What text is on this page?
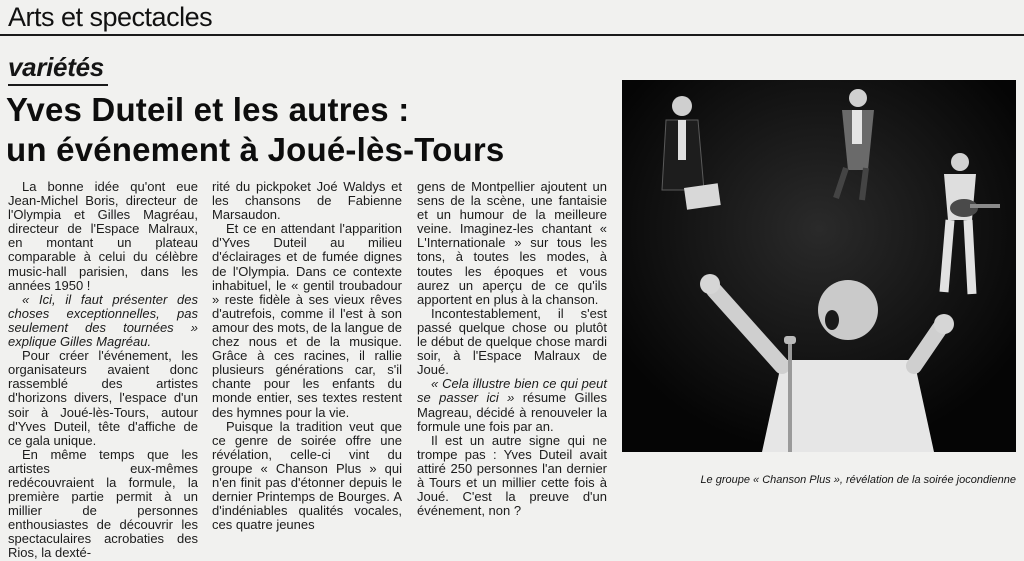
Arts et spectacles
variétés
Yves Duteil et les autres :
un événement à Joué-lès-Tours

La bonne idée qu'ont eue Jean-Michel Boris, directeur de l'Olympia et Gilles Magréau, directeur de l'Espace Malraux, en montant un plateau comparable à celui du célèbre music-hall parisien, dans les années 1950 !

« Ici, il faut présenter des choses exceptionnelles, pas seulement des tournées » explique Gilles Magréau.

Pour créer l'événement, les organisateurs avaient donc rassemblé des artistes d'horizons divers, l'espace d'un soir à Joué-lès-Tours, autour d'Yves Duteil, tête d'affiche de ce gala unique.

En même temps que les artistes eux-mêmes redécouvraient la formule, la première partie permit à un millier de personnes enthousiastes de découvrir les spectaculaires acrobaties des Rios, la dexté-

rité du pickpoket Joé Waldys et les chansons de Fabienne Marsaudon.

Et ce en attendant l'apparition d'Yves Duteil au milieu d'éclairages et de fumée dignes de l'Olympia. Dans ce contexte inhabituel, le « gentil troubadour » reste fidèle à ses vieux rêves d'autrefois, comme il l'est à son amour des mots, de la langue de chez nous et de la musique. Grâce à ces racines, il rallie plusieurs générations car, s'il chante pour les enfants du monde entier, ses textes restent des hymnes pour la vie.

Puisque la tradition veut que ce genre de soirée offre une révélation, celle-ci vint du groupe « Chanson Plus » qui n'en finit pas d'étonner depuis le dernier Printemps de Bourges. A d'indéniables qualités vocales, ces quatre jeunes

gens de Montpellier ajoutent un sens de la scène, une fantaisie et un humour de la meilleure veine. Imaginez-les chantant « L'Internationale » sur tous les tons, à toutes les modes, à toutes les époques et vous aurez un aperçu de ce qu'ils apportent en plus à la chanson.

Incontestablement, il s'est passé quelque chose ou plutôt le début de quelque chose mardi soir, à l'Espace Malraux de Joué.

« Cela illustre bien ce qui peut se passer ici » résume Gilles Magreau, décidé à renouveler la formule une fois par an.

Il est un autre signe qui ne trompe pas : Yves Duteil avait attiré 250 personnes l'an dernier à Tours et un millier cette fois à Joué. C'est la preuve d'un événement, non ?

Le groupe « Chanson Plus », révélation de la soirée jocondienne
